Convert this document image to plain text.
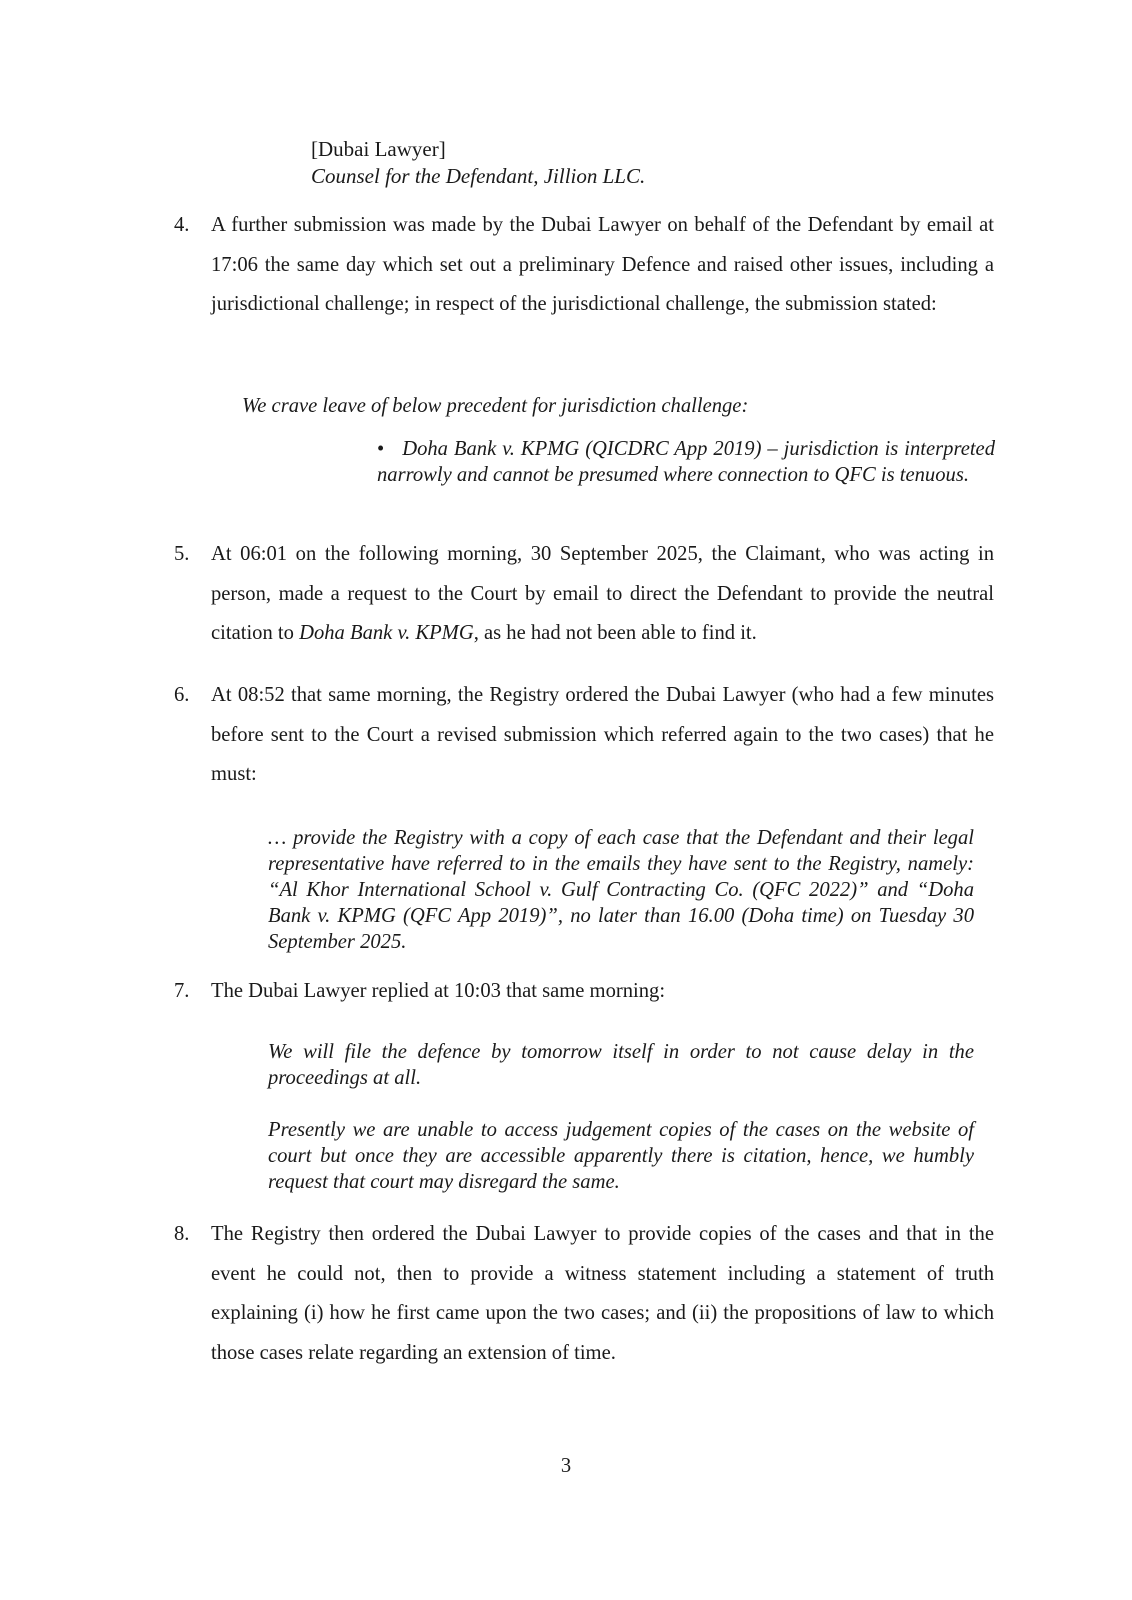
[Dubai Lawyer]
Counsel for the Defendant, Jillion LLC.
4.	A further submission was made by the Dubai Lawyer on behalf of the Defendant by email at 17:06 the same day which set out a preliminary Defence and raised other issues, including a jurisdictional challenge; in respect of the jurisdictional challenge, the submission stated:
We crave leave of below precedent for jurisdiction challenge:
• Doha Bank v. KPMG (QICDRC App 2019) – jurisdiction is interpreted narrowly and cannot be presumed where connection to QFC is tenuous.
5.	At 06:01 on the following morning, 30 September 2025, the Claimant, who was acting in person, made a request to the Court by email to direct the Defendant to provide the neutral citation to Doha Bank v. KPMG, as he had not been able to find it.
6.	At 08:52 that same morning, the Registry ordered the Dubai Lawyer (who had a few minutes before sent to the Court a revised submission which referred again to the two cases) that he must:
… provide the Registry with a copy of each case that the Defendant and their legal representative have referred to in the emails they have sent to the Registry, namely: “Al Khor International School v. Gulf Contracting Co. (QFC 2022)” and “Doha Bank v. KPMG (QFC App 2019)”, no later than 16.00 (Doha time) on Tuesday 30 September 2025.
7.	The Dubai Lawyer replied at 10:03 that same morning:
We will file the defence by tomorrow itself in order to not cause delay in the proceedings at all.
Presently we are unable to access judgement copies of the cases on the website of court but once they are accessible apparently there is citation, hence, we humbly request that court may disregard the same.
8.	The Registry then ordered the Dubai Lawyer to provide copies of the cases and that in the event he could not, then to provide a witness statement including a statement of truth explaining (i) how he first came upon the two cases; and (ii) the propositions of law to which those cases relate regarding an extension of time.
3
